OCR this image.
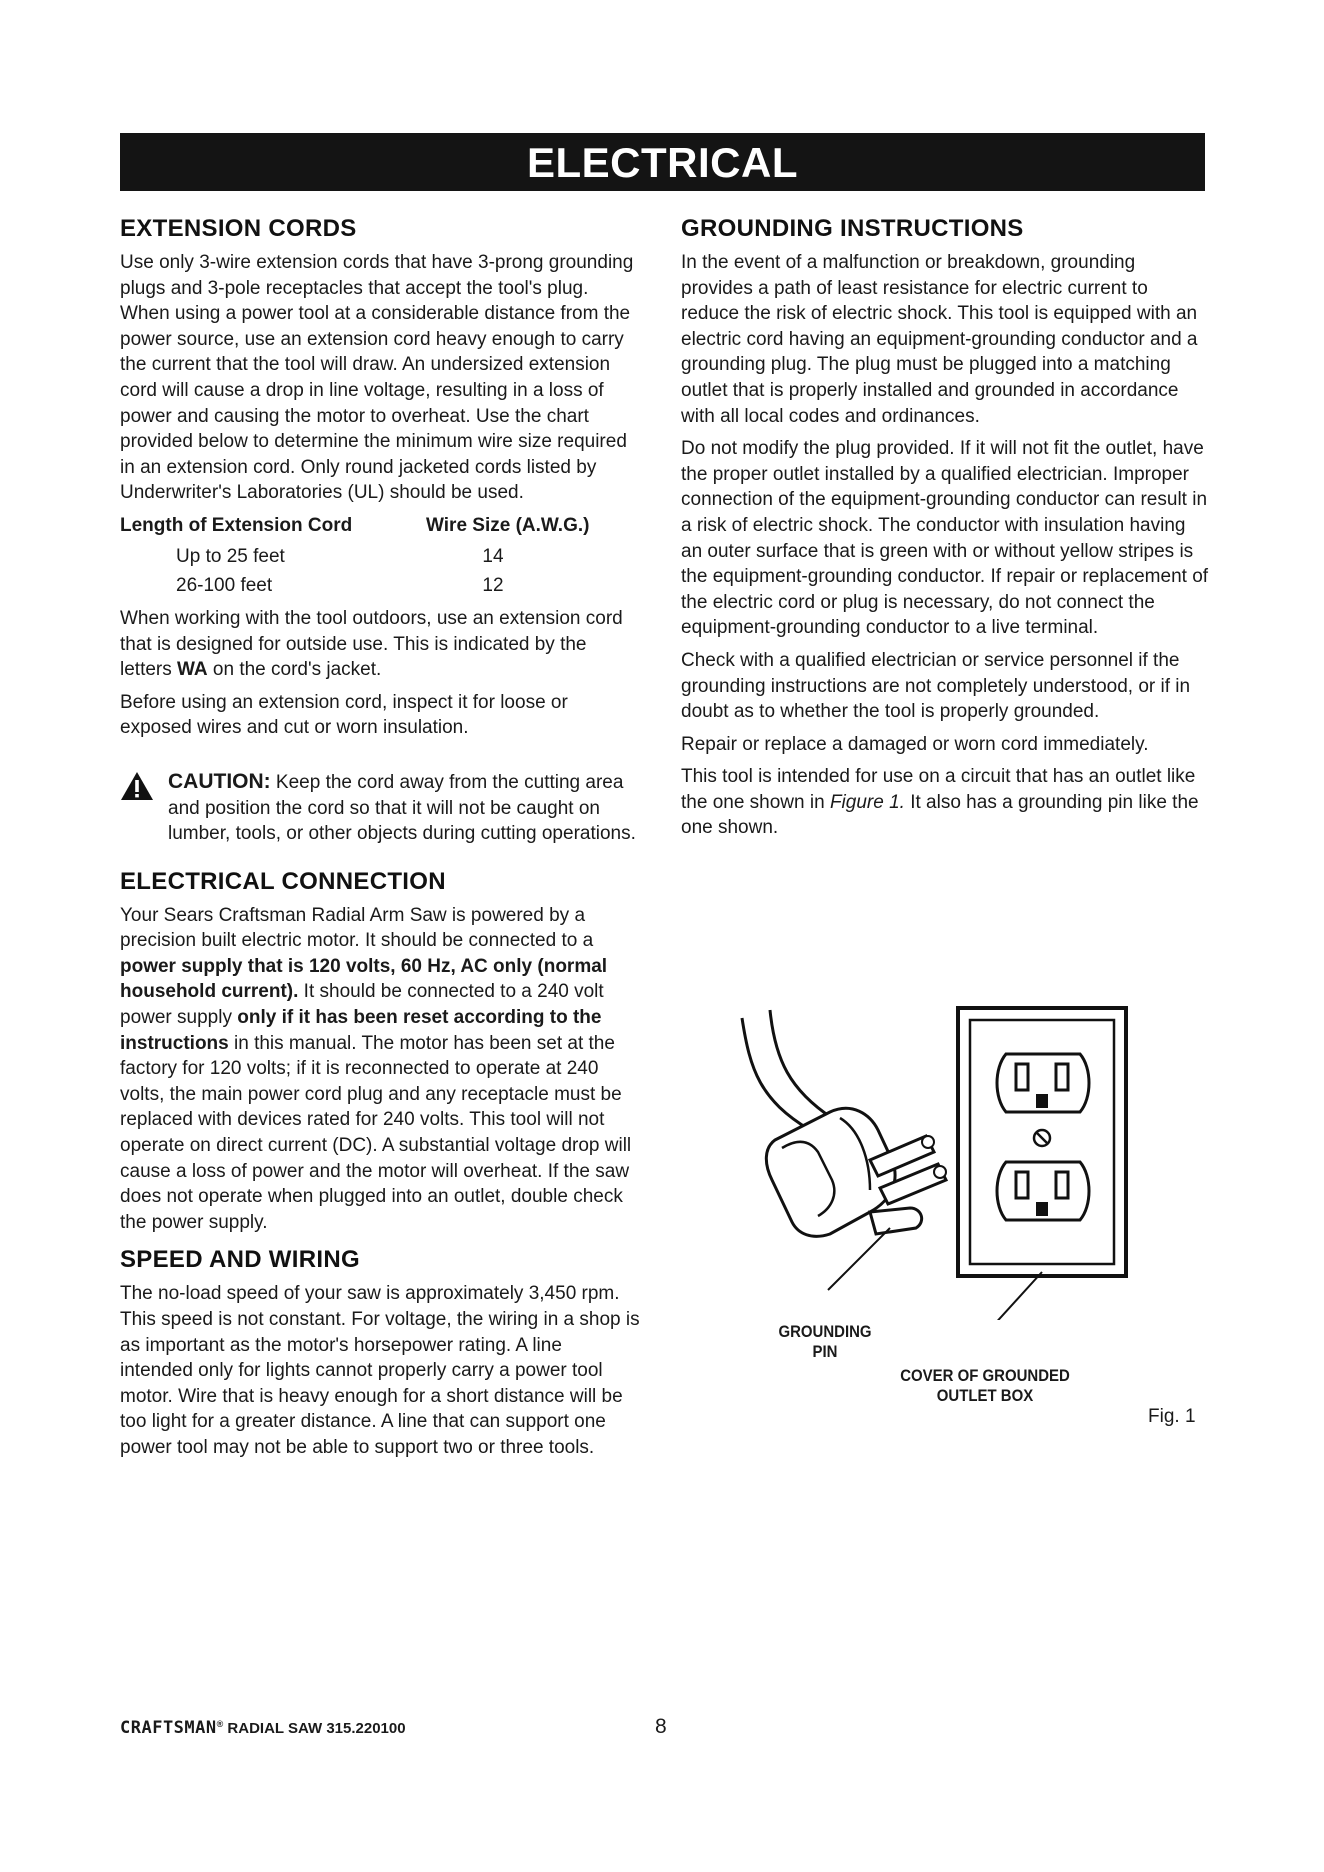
ELECTRICAL
EXTENSION CORDS

Use only 3-wire extension cords that have 3-prong grounding plugs and 3-pole receptacles that accept the tool's plug. When using a power tool at a considerable distance from the power source, use an extension cord heavy enough to carry the current that the tool will draw. An undersized extension cord will cause a drop in line voltage, resulting in a loss of power and causing the motor to overheat. Use the chart provided below to determine the minimum wire size required in an extension cord. Only round jacketed cords listed by Underwriter's Laboratories (UL) should be used.

Length of Extension Cord	Wire Size (A.W.G.)
Up to 25 feet	14
26-100 feet	12

When working with the tool outdoors, use an extension cord that is designed for outside use. This is indicated by the letters WA on the cord's jacket.

Before using an extension cord, inspect it for loose or exposed wires and cut or worn insulation.

CAUTION: Keep the cord away from the cutting area and position the cord so that it will not be caught on lumber, tools, or other objects during cutting operations.

ELECTRICAL CONNECTION

Your Sears Craftsman Radial Arm Saw is powered by a precision built electric motor. It should be connected to a power supply that is 120 volts, 60 Hz, AC only (normal household current). It should be connected to a 240 volt power supply only if it has been reset according to the instructions in this manual. The motor has been set at the factory for 120 volts; if it is reconnected to operate at 240 volts, the main power cord plug and any receptacle must be replaced with devices rated for 240 volts. This tool will not operate on direct current (DC). A substantial voltage drop will cause a loss of power and the motor will overheat. If the saw does not operate when plugged into an outlet, double check the power supply.

SPEED AND WIRING

The no-load speed of your saw is approximately 3,450 rpm. This speed is not constant. For voltage, the wiring in a shop is as important as the motor's horsepower rating. A line intended only for lights cannot properly carry a power tool motor. Wire that is heavy enough for a short distance will be too light for a greater distance. A line that can support one power tool may not be able to support two or three tools.

GROUNDING INSTRUCTIONS

In the event of a malfunction or breakdown, grounding provides a path of least resistance for electric current to reduce the risk of electric shock. This tool is equipped with an electric cord having an equipment-grounding conductor and a grounding plug. The plug must be plugged into a matching outlet that is properly installed and grounded in accordance with all local codes and ordinances.

Do not modify the plug provided. If it will not fit the outlet, have the proper outlet installed by a qualified electrician. Improper connection of the equipment-grounding conductor can result in a risk of electric shock. The conductor with insulation having an outer surface that is green with or without yellow stripes is the equipment-grounding conductor. If repair or replacement of the electric cord or plug is necessary, do not connect the equipment-grounding conductor to a live terminal.

Check with a qualified electrician or service personnel if the grounding instructions are not completely understood, or if in doubt as to whether the tool is properly grounded.

Repair or replace a damaged or worn cord immediately.

This tool is intended for use on a circuit that has an outlet like the one shown in Figure 1. It also has a grounding pin like the one shown.

GROUNDING
PIN
COVER OF GROUNDED
OUTLET BOX
Fig. 1
CRAFTSMAN® RADIAL SAW 315.220100	8
